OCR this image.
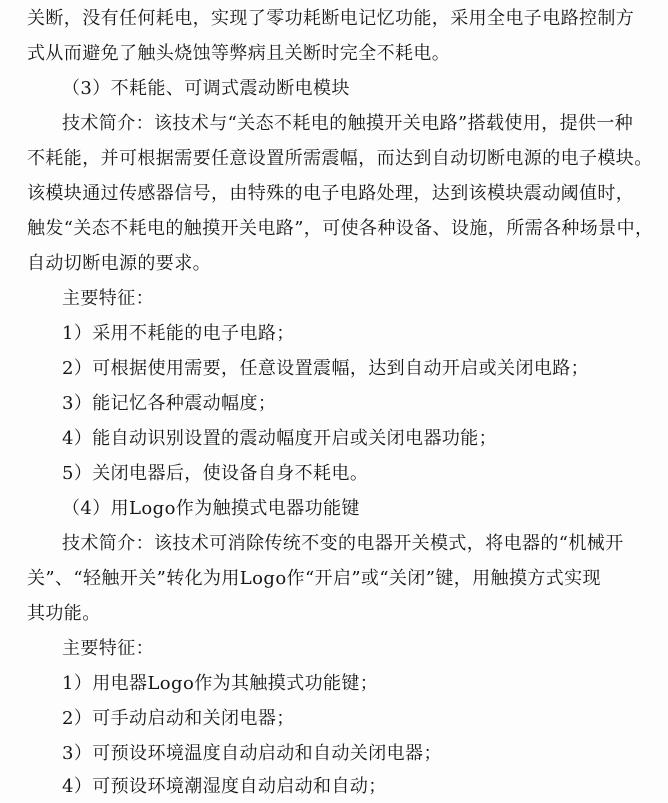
关断，没有任何耗电，实现了零功耗断电记忆功能，采用全电子电路控制方
式从而避免了触头烧蚀等弊病且关断时完全不耗电。
（3）不耗能、可调式震动断电模块
技术简介：该技术与“关态不耗电的触摸开关电路”搭载使用，提供一种
不耗能，并可根据需要任意设置所需震幅，而达到自动切断电源的电子模块。
该模块通过传感器信号，由特殊的电子电路处理，达到该模块震动阈值时，
触发“关态不耗电的触摸开关电路”，可使各种设备、设施，所需各种场景中，
自动切断电源的要求。
主要特征：
1）采用不耗能的电子电路；
2）可根据使用需要，任意设置震幅，达到自动开启或关闭电路；
3）能记忆各种震动幅度；
4）能自动识别设置的震动幅度开启或关闭电器功能；
5）关闭电器后，使设备自身不耗电。
（4）用Logo作为触摸式电器功能键
技术简介：该技术可消除传统不变的电器开关模式，将电器的“机械开
关”、“轻触开关”转化为用Logo作“开启”或“关闭”键，用触摸方式实现
其功能。
主要特征：
1）用电器Logo作为其触摸式功能键；
2）可手动启动和关闭电器；
3）可预设环境温度自动启动和自动关闭电器；
4）可预设环境潮湿度自动启动和自动；
